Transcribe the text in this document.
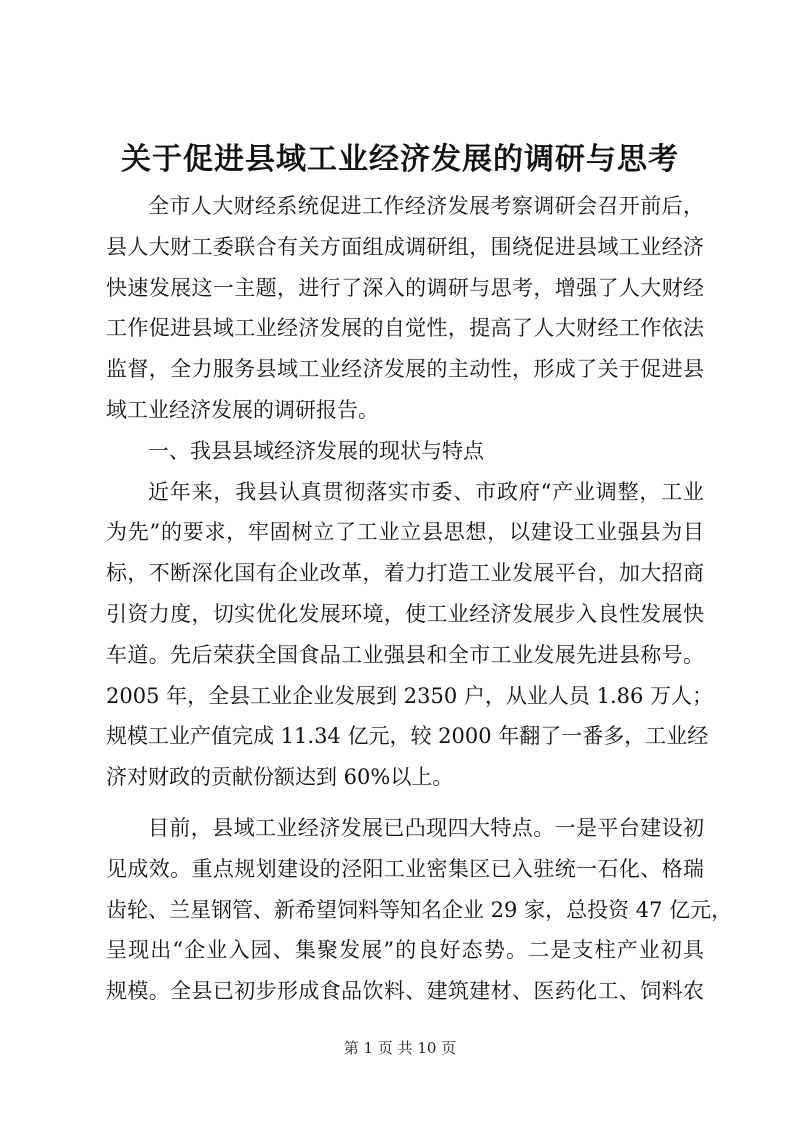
关于促进县域工业经济发展的调研与思考
全市人大财经系统促进工作经济发展考察调研会召开前后，
县人大财工委联合有关方面组成调研组，围绕促进县域工业经济
快速发展这一主题，进行了深入的调研与思考，增强了人大财经
工作促进县域工业经济发展的自觉性，提高了人大财经工作依法
监督，全力服务县域工业经济发展的主动性，形成了关于促进县
域工业经济发展的调研报告。
一、我县县域经济发展的现状与特点
近年来，我县认真贯彻落实市委、市政府“产业调整，工业
为先”的要求，牢固树立了工业立县思想，以建设工业强县为目
标，不断深化国有企业改革，着力打造工业发展平台，加大招商
引资力度，切实优化发展环境，使工业经济发展步入良性发展快
车道。先后荣获全国食品工业强县和全市工业发展先进县称号。
2005 年，全县工业企业发展到 2350 户，从业人员 1.86 万人；
规模工业产值完成 11.34 亿元，较 2000 年翻了一番多，工业经
济对财政的贡献份额达到 60%以上。
目前，县域工业经济发展已凸现四大特点。一是平台建设初
见成效。重点规划建设的泾阳工业密集区已入驻统一石化、格瑞
齿轮、兰星钢管、新希望饲料等知名企业 29 家，总投资 47 亿元，
呈现出“企业入园、集聚发展”的良好态势。二是支柱产业初具
规模。全县已初步形成食品饮料、建筑建材、医药化工、饲料农
第 1 页 共 10 页
